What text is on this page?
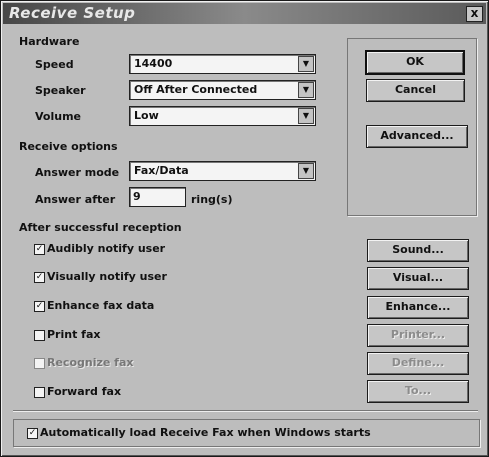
Receive Setup	x
Hardware
Speed	14400	▼
Speaker	Off After Connected	▼
Volume	Low	▼
Receive options
Answer mode Fax/Data	▼
Answer after 9	ring(s)
OK
Cancel
Advanced...
After successful reception
✓ Audibly notify user	Sound...
✓ Visually notify user	Visual...
✓ Enhance fax data	Enhance...
Print fax	Printer...
Recognize fax	Define...
Forward fax	To...
✓ Automatically load Receive Fax when Windows starts
